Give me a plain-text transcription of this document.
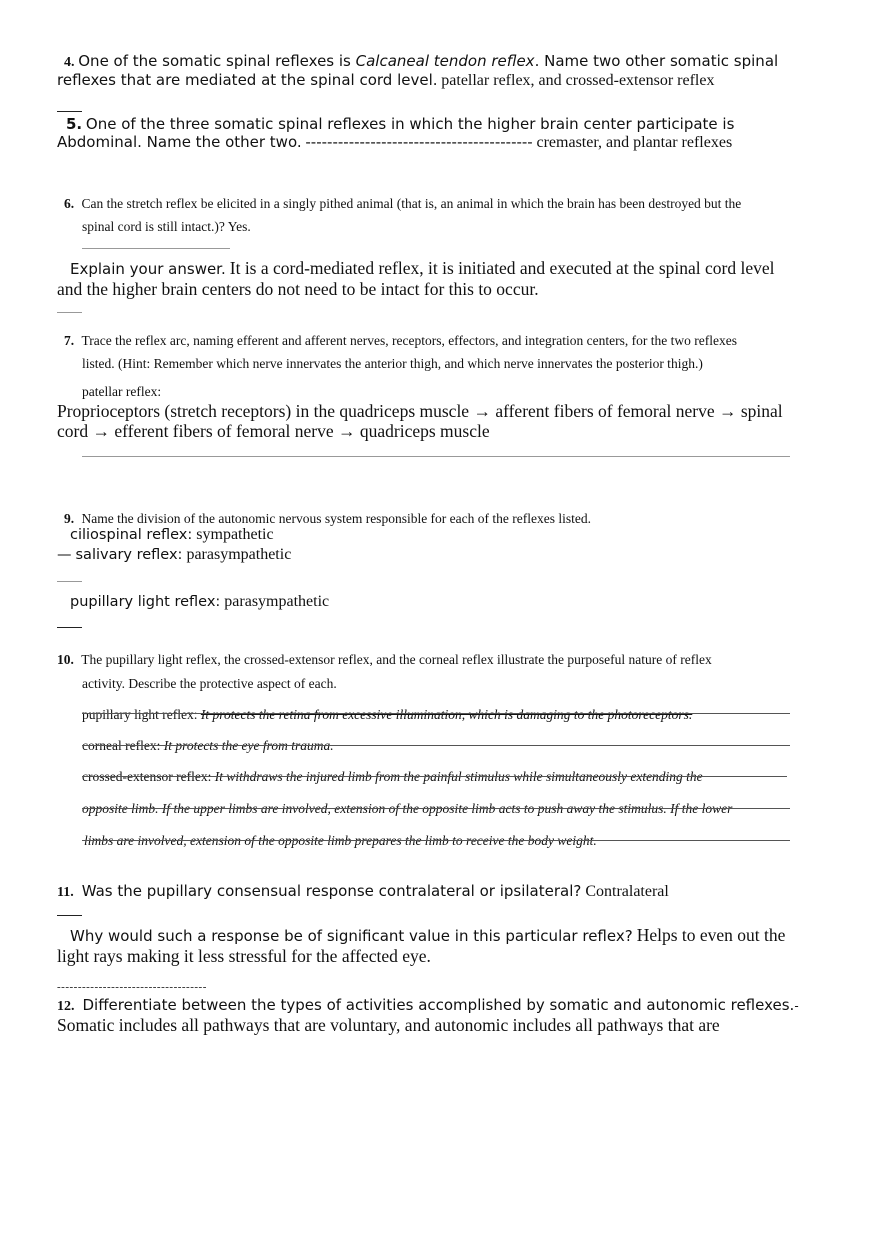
4. One of the somatic spinal reflexes is Calcaneal tendon reflex. Name two other somatic spinal
reflexes that are mediated at the spinal cord level. patellar reflex, and crossed-extensor reflex
5. One of the three somatic spinal reflexes in which the higher brain center participate is
Abdominal. Name the other two. ------------------------------------------ cremaster, and plantar reflexes
6. Can the stretch reflex be elicited in a singly pithed animal (that is, an animal in which the brain has been destroyed but the
spinal cord is still intact.)? Yes.
Explain your answer. It is a cord-mediated reflex, it is initiated and executed at the spinal cord level
and the higher brain centers do not need to be intact for this to occur.
7. Trace the reflex arc, naming efferent and afferent nerves, receptors, effectors, and integration centers, for the two reflexes
listed. (Hint: Remember which nerve innervates the anterior thigh, and which nerve innervates the posterior thigh.)
patellar reflex:
Proprioceptors (stretch receptors) in the quadriceps muscle → afferent fibers of femoral nerve → spinal
cord → efferent fibers of femoral nerve → quadriceps muscle
9. Name the division of the autonomic nervous system responsible for each of the reflexes listed.
ciliospinal reflex: sympathetic
— salivary reflex: parasympathetic
pupillary light reflex: parasympathetic
10. The pupillary light reflex, the crossed-extensor reflex, and the corneal reflex illustrate the purposeful nature of reflex
activity. Describe the protective aspect of each.
pupillary light reflex: It protects the retina from excessive illumination, which is damaging to the photoreceptors.
corneal reflex: It protects the eye from trauma.
crossed-extensor reflex: It withdraws the injured limb from the painful stimulus while simultaneously extending the
opposite limb. If the upper limbs are involved, extension of the opposite limb acts to push away the stimulus. If the lower
limbs are involved, extension of the opposite limb prepares the limb to receive the body weight.
11. Was the pupillary consensual response contralateral or ipsilateral? Contralateral
Why would such a response be of significant value in this particular reflex? Helps to even out the
light rays making it less stressful for the affected eye.
------------------------------------
12. Differentiate between the types of activities accomplished by somatic and autonomic reflexes.-
Somatic includes all pathways that are voluntary, and autonomic includes all pathways that are
